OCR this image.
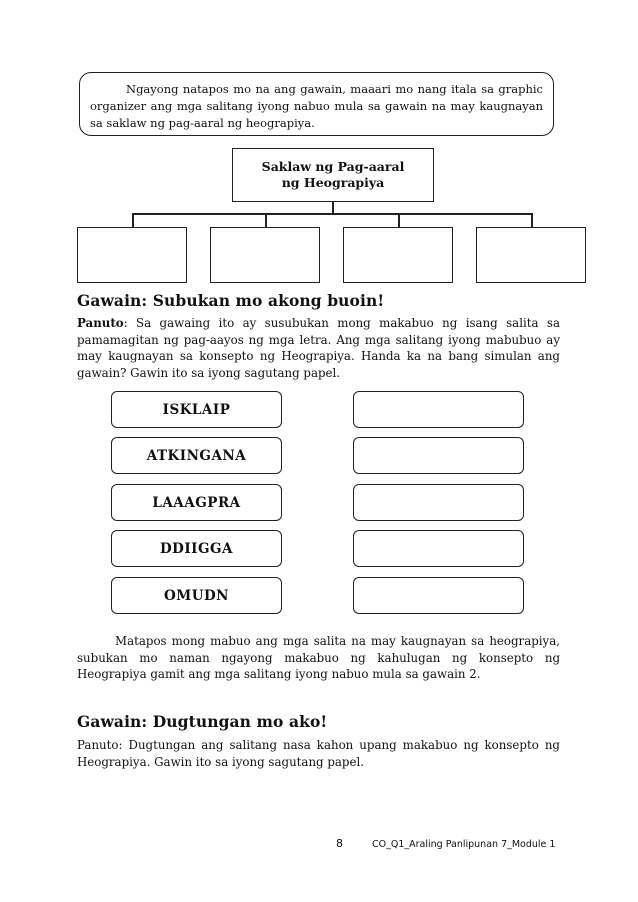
Ngayong natapos mo na ang gawain, maaari mo nang itala sa graphic organizer ang mga salitang iyong nabuo mula sa gawain na may kaugnayan sa saklaw ng pag-aaral ng heograpiya.
Saklaw ng Pag-aaral ng Heograpiya
Gawain: Subukan mo akong buoin!
Panuto: Sa gawaing ito ay susubukan mong makabuo ng isang salita sa pamamagitan ng pag-aayos ng mga letra. Ang mga salitang iyong mabubuo ay may kaugnayan sa konsepto ng Heograpiya. Handa ka na bang simulan ang gawain? Gawin ito sa iyong sagutang papel.
ISKLAIP
ATKINGANA
LAAAGPRA
DDIIGGA
OMUDN
Matapos mong mabuo ang mga salita na may kaugnayan sa heograpiya, subukan mo naman ngayong makabuo ng kahulugan ng konsepto ng Heograpiya gamit ang mga salitang iyong nabuo mula sa gawain 2.
Gawain: Dugtungan mo ako!
Panuto: Dugtungan ang salitang nasa kahon upang makabuo ng konsepto ng Heograpiya. Gawin ito sa iyong sagutang papel.
8	CO_Q1_Araling Panlipunan 7_Module 1
